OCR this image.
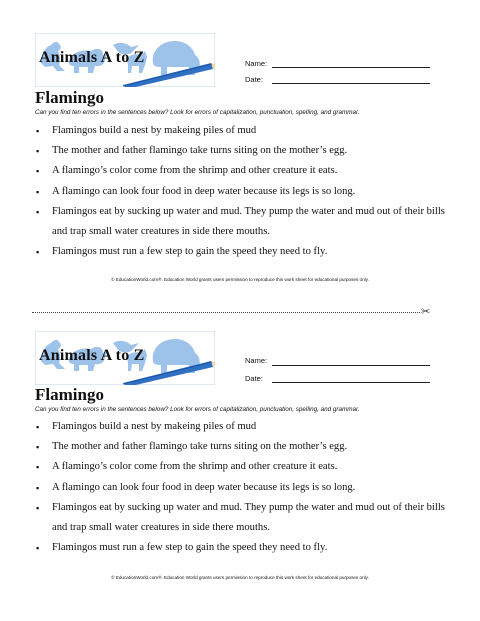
Animals A to Z	Name:
Date:
Flamingo
Can you find ten errors in the sentences below? Look for errors of capitalization, punctuation, spelling, and grammar.
▪ Flamingos build a nest by makeing piles of mud
▪ The mother and father flamingo take turns siting on the mother’s egg.
▪ A flamingo’s color come from the shrimp and other creature it eats.
▪ A flamingo can look four food in deep water because its legs is so long.
▪ Flamingos eat by sucking up water and mud. They pump the water and mud out of their bills and trap small water creatures in side there mouths.
▪ Flamingos must run a few step to gain the speed they need to fly.
© EducationWorld.com®. Education World grants users permission to reproduce this work sheet for educational purposes only.
✂
Animals A to Z	Name:
Date:
Flamingo
Can you find ten errors in the sentences below? Look for errors of capitalization, punctuation, spelling, and grammar.
▪ Flamingos build a nest by makeing piles of mud
▪ The mother and father flamingo take turns siting on the mother’s egg.
▪ A flamingo’s color come from the shrimp and other creature it eats.
▪ A flamingo can look four food in deep water because its legs is so long.
▪ Flamingos eat by sucking up water and mud. They pump the water and mud out of their bills and trap small water creatures in side there mouths.
▪ Flamingos must run a few step to gain the speed they need to fly.
© EducationWorld.com®. Education World grants users permission to reproduce this work sheet for educational purposes only.
